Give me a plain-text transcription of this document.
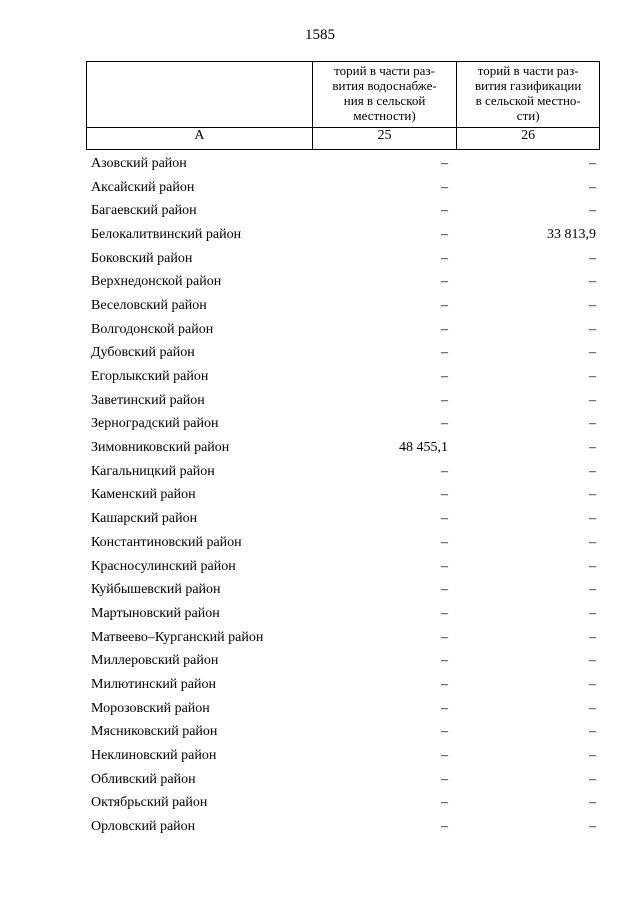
1585

	торий в части раз-
вития водоснабже-
ния в сельской
местности)	торий в части раз-
вития газификации
в сельской местно-
сти)

А	25	26
Азовский район	–	–
Аксайский район	–	–
Багаевский район	–	–
Белокалитвинский район	–	33 813,9
Боковский район	–	–
Верхнедонской район	–	–
Веселовский район	–	–
Волгодонской район	–	–
Дубовский район	–	–
Егорлыкский район	–	–
Заветинский район	–	–
Зерноградский район	–	–
Зимовниковский район	48 455,1	–
Кагальницкий район	–	–
Каменский район	–	–
Кашарский район	–	–
Константиновский район	–	–
Красносулинский район	–	–
Куйбышевский район	–	–
Мартыновский район	–	–
Матвеево–Курганский район	–	–
Миллеровский район	–	–
Милютинский район	–	–
Морозовский район	–	–
Мясниковский район	–	–
Неклиновский район	–	–
Обливский район	–	–
Октябрьский район	–	–
Орловский район	–	–
